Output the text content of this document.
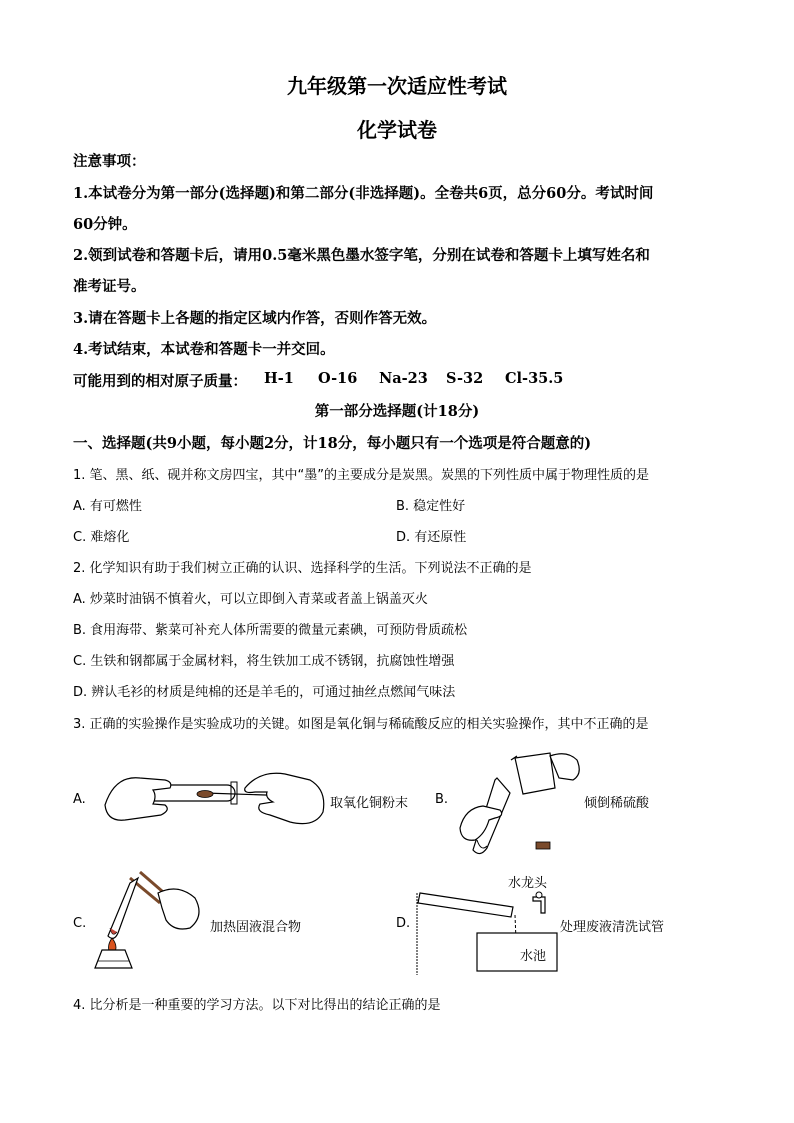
九年级第一次适应性考试
化学试卷
注意事项：
1.本试卷分为第一部分(选择题)和第二部分(非选择题)。全卷共6页，总分60分。考试时间
60分钟。
2.领到试卷和答题卡后，请用0.5毫米黑色墨水签字笔，分别在试卷和答题卡上填写姓名和
准考证号。
3.请在答题卡上各题的指定区域内作答，否则作答无效。
4.考试结束，本试卷和答题卡一并交回。
可能用到的相对原子质量： H-1 O-16 Na-23 S-32 Cl-35.5
第一部分选择题(计18分)
一、选择题(共9小题，每小题2分，计18分，每小题只有一个选项是符合题意的)
1. 笔、黑、纸、砚并称文房四宝，其中“墨”的主要成分是炭黑。炭黑的下列性质中属于物理性质的是
A. 有可燃性	B. 稳定性好
C. 难熔化	D. 有还原性
2. 化学知识有助于我们树立正确的认识、选择科学的生活。下列说法不正确的是
A. 炒菜时油锅不慎着火，可以立即倒入青菜或者盖上锅盖灭火
B. 食用海带、紫菜可补充人体所需要的微量元素碘，可预防骨质疏松
C. 生铁和钢都属于金属材料，将生铁加工成不锈钢，抗腐蚀性增强
D. 辨认毛衫的材质是纯棉的还是羊毛的，可通过抽丝点燃闻气味法
3. 正确的实验操作是实验成功的关键。如图是氧化铜与稀硫酸反应的相关实验操作，其中不正确的是
A.	取氧化铜粉末 B.	倾倒稀硫酸
C.	加热固液混合物	D.
水龙头
水池
处理废液清洗试管
4. 比分析是一种重要的学习方法。以下对比得出的结论正确的是
